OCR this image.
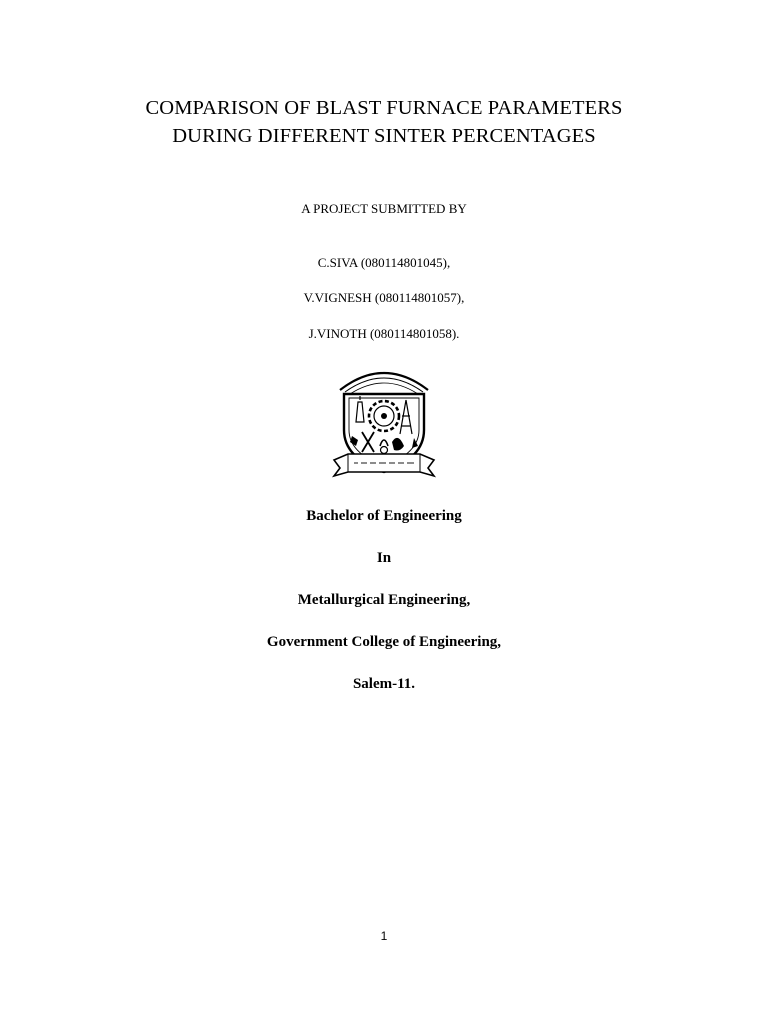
COMPARISON OF BLAST FURNACE PARAMETERS
DURING DIFFERENT SINTER PERCENTAGES
A PROJECT SUBMITTED BY
C.SIVA (080114801045),
V.VIGNESH (080114801057),
J.VINOTH (080114801058).
Bachelor of Engineering
In
Metallurgical Engineering,
Government College of Engineering,
Salem-11.
1
